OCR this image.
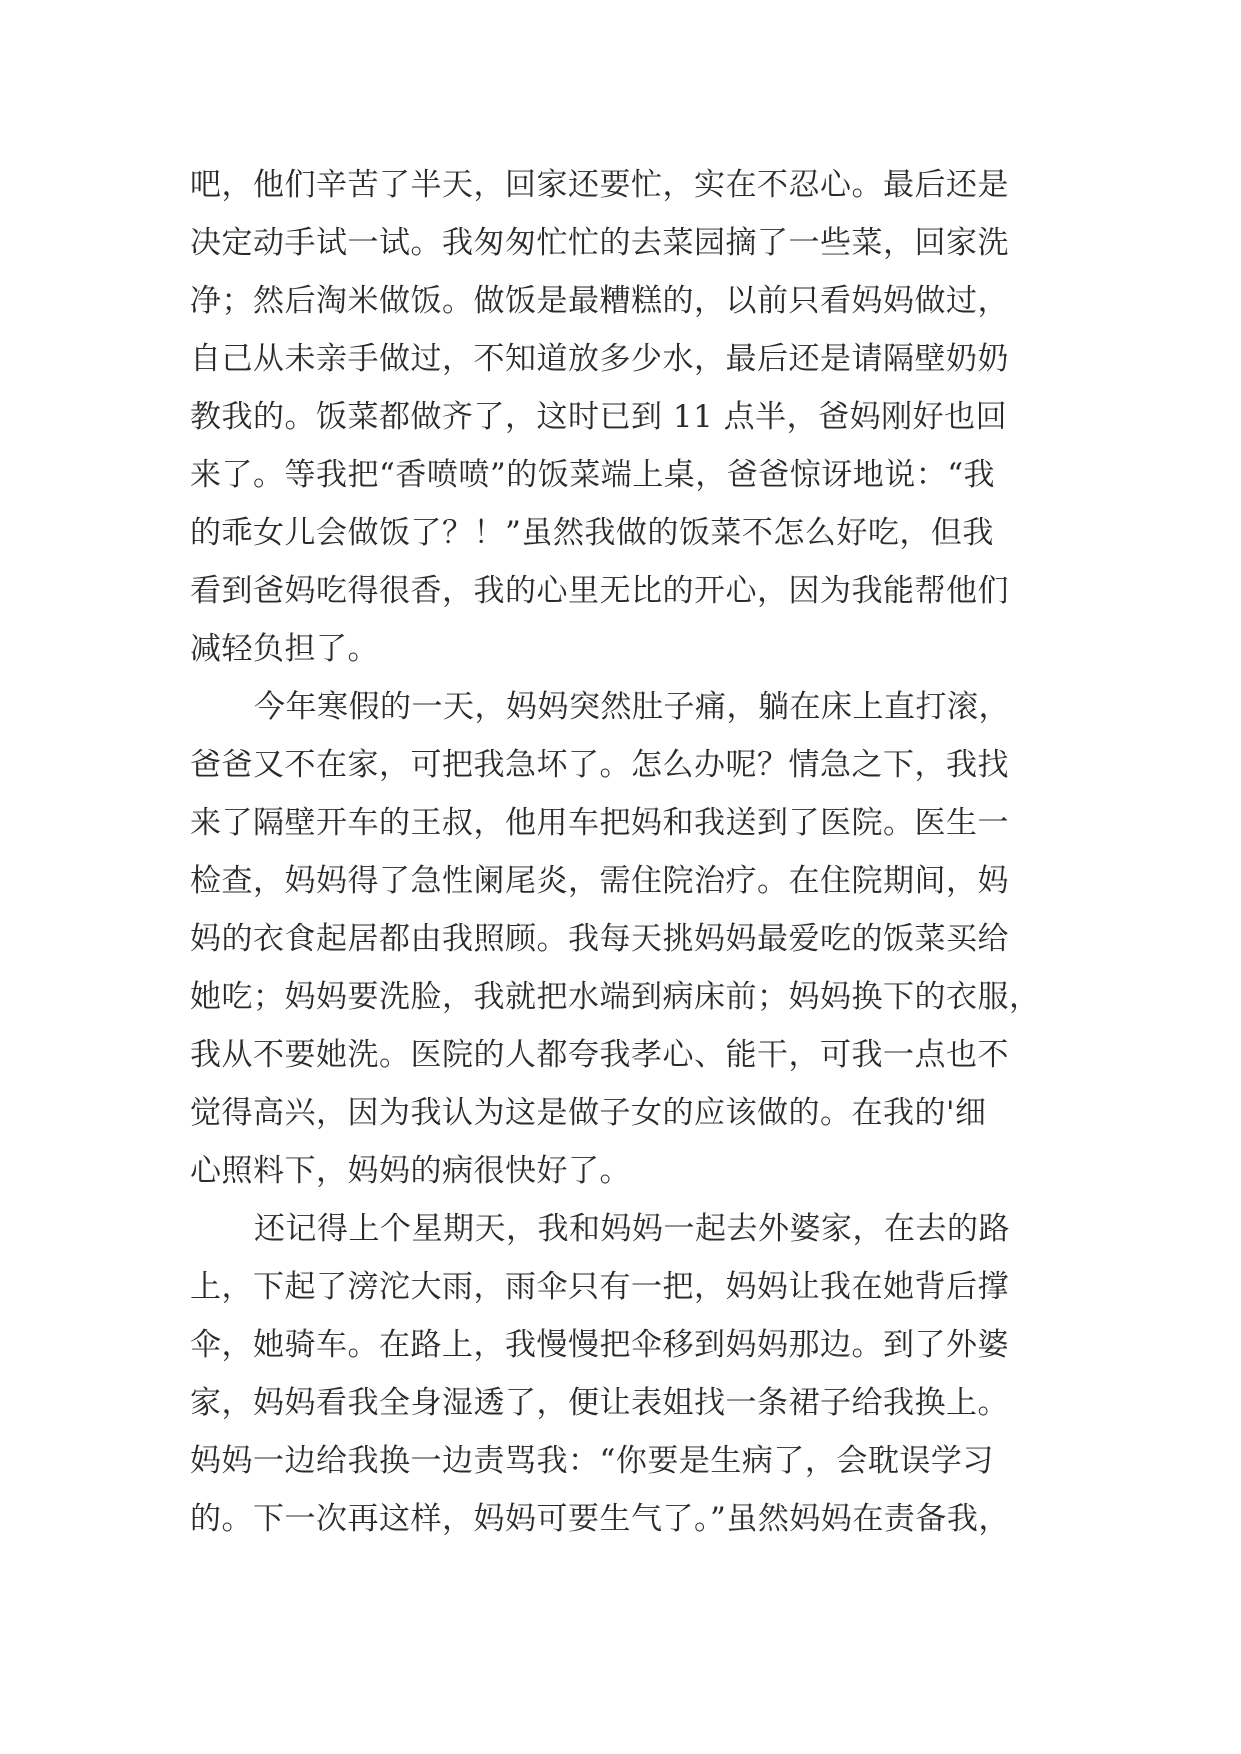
吧，他们辛苦了半天，回家还要忙，实在不忍心。最后还是
决定动手试一试。我匆匆忙忙的去菜园摘了一些菜，回家洗
净；然后淘米做饭。做饭是最糟糕的，以前只看妈妈做过，
自己从未亲手做过，不知道放多少水，最后还是请隔壁奶奶
教我的。饭菜都做齐了，这时已到 11 点半，爸妈刚好也回
来了。等我把“香喷喷”的饭菜端上桌，爸爸惊讶地说：“我
的乖女儿会做饭了？！”虽然我做的饭菜不怎么好吃，但我
看到爸妈吃得很香，我的心里无比的开心，因为我能帮他们
减轻负担了。
今年寒假的一天，妈妈突然肚子痛，躺在床上直打滚，
爸爸又不在家，可把我急坏了。怎么办呢？情急之下，我找
来了隔壁开车的王叔，他用车把妈和我送到了医院。医生一
检查，妈妈得了急性阑尾炎，需住院治疗。在住院期间，妈
妈的衣食起居都由我照顾。我每天挑妈妈最爱吃的饭菜买给
她吃；妈妈要洗脸，我就把水端到病床前；妈妈换下的衣服，
我从不要她洗。医院的人都夸我孝心、能干，可我一点也不
觉得高兴，因为我认为这是做子女的应该做的。在我的'细
心照料下，妈妈的病很快好了。
还记得上个星期天，我和妈妈一起去外婆家，在去的路
上，下起了滂沱大雨，雨伞只有一把，妈妈让我在她背后撑
伞，她骑车。在路上，我慢慢把伞移到妈妈那边。到了外婆
家，妈妈看我全身湿透了，便让表姐找一条裙子给我换上。
妈妈一边给我换一边责骂我：“你要是生病了，会耽误学习
的。下一次再这样，妈妈可要生气了。”虽然妈妈在责备我，
